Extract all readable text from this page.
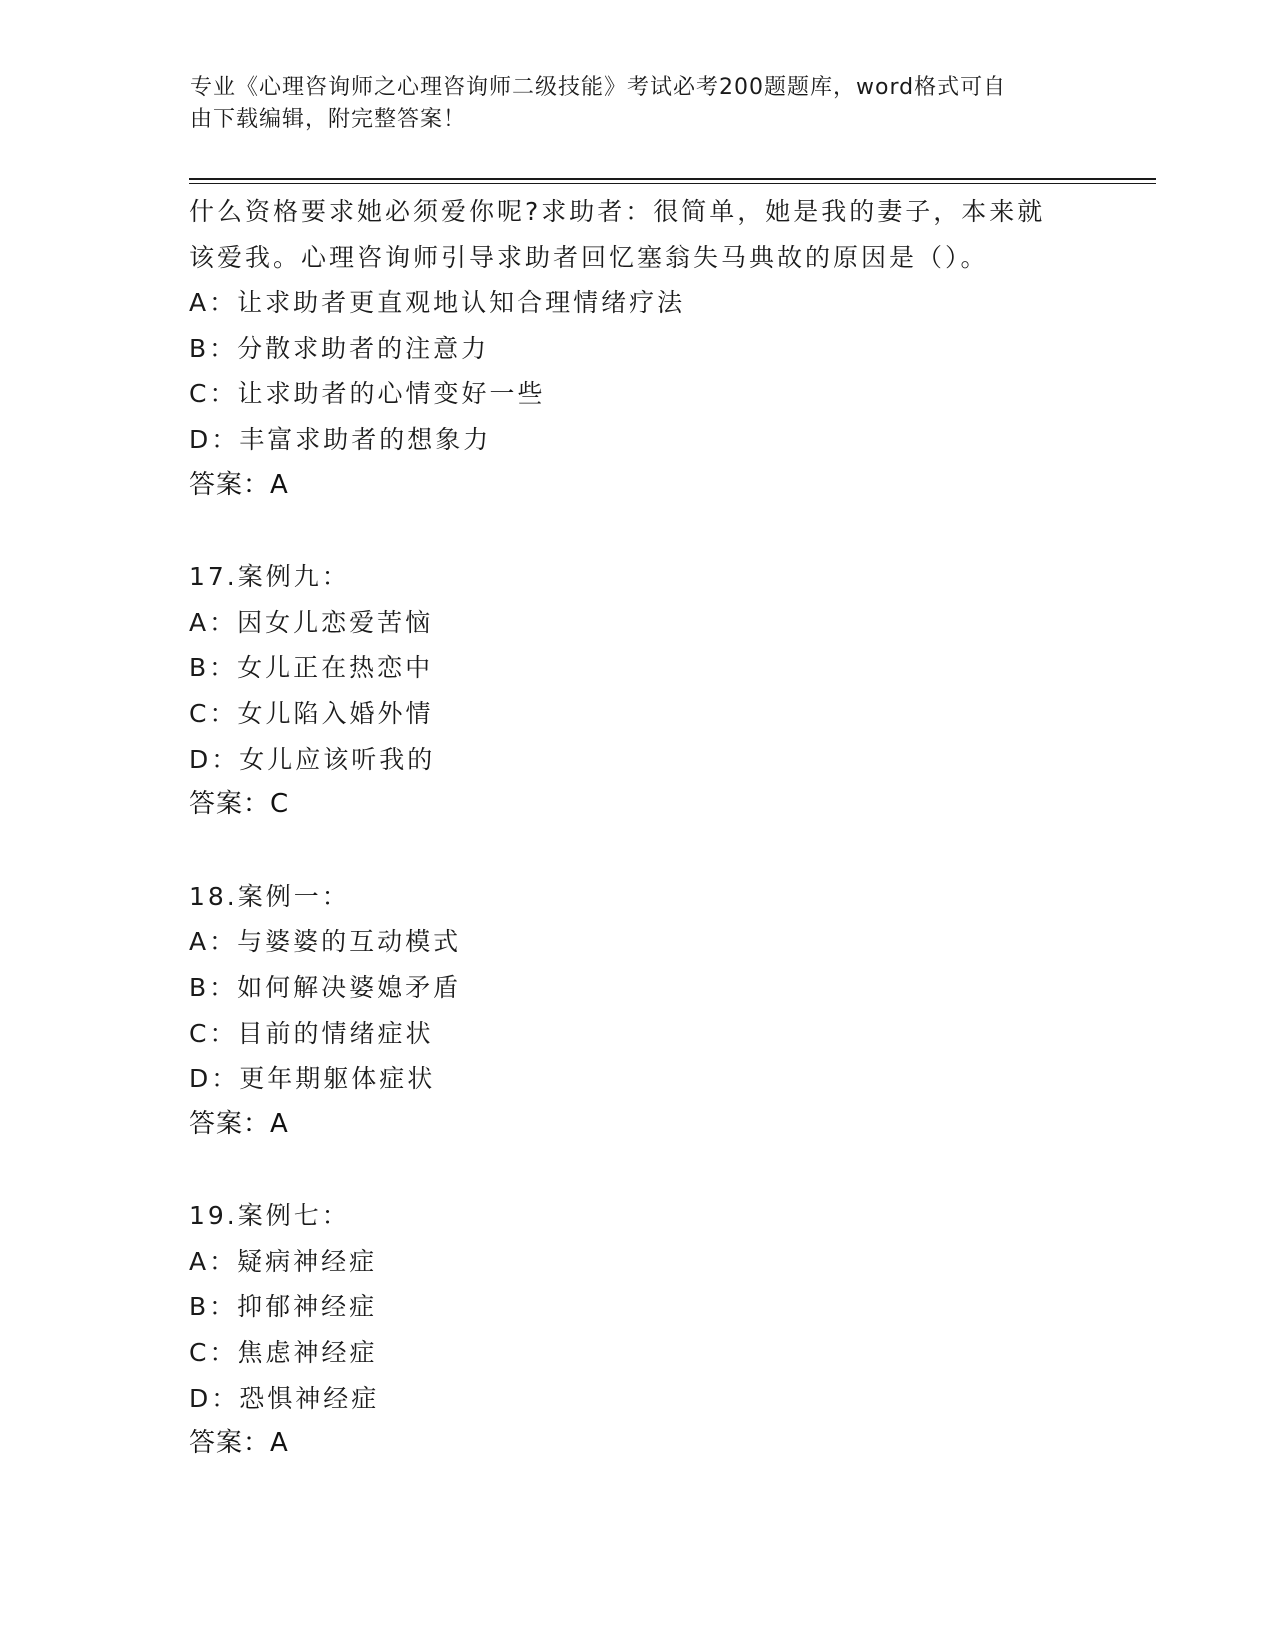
专业《心理咨询师之心理咨询师二级技能》考试必考200题题库，word格式可自
由下载编辑，附完整答案！
什么资格要求她必须爱你呢?求助者：很简单，她是我的妻子，本来就
该爱我。心理咨询师引导求助者回忆塞翁失马典故的原因是（）。
A：让求助者更直观地认知合理情绪疗法
B：分散求助者的注意力
C：让求助者的心情变好一些
D：丰富求助者的想象力
答案：A
17.案例九：
A：因女儿恋爱苦恼
B：女儿正在热恋中
C：女儿陷入婚外情
D：女儿应该听我的
答案：C
18.案例一：
A：与婆婆的互动模式
B：如何解决婆媳矛盾
C：目前的情绪症状
D：更年期躯体症状
答案：A
19.案例七：
A：疑病神经症
B：抑郁神经症
C：焦虑神经症
D：恐惧神经症
答案：A
